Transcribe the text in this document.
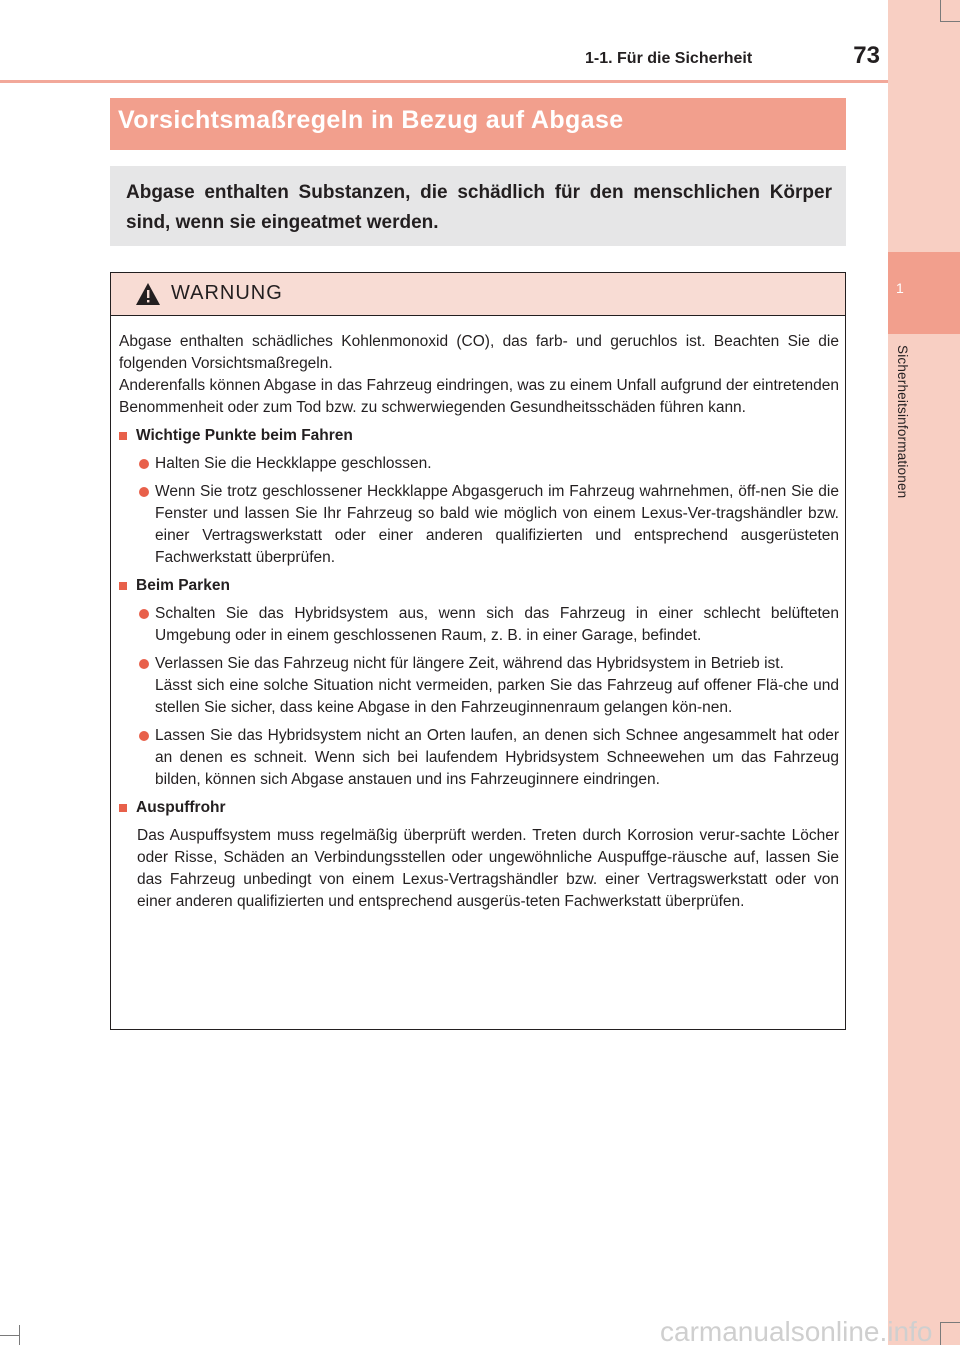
1-1. Für die Sicherheit	73
1
Sicherheitsinformationen
Vorsichtsmaßregeln in Bezug auf Abgase

Abgase enthalten Substanzen, die schädlich für den menschlichen Körper sind, wenn sie eingeatmet werden.

WARNUNG

Abgase enthalten schädliches Kohlenmonoxid (CO), das farb- und geruchlos ist. Beachten Sie die folgenden Vorsichtsmaßregeln.

Anderenfalls können Abgase in das Fahrzeug eindringen, was zu einem Unfall aufgrund der eintretenden Benommenheit oder zum Tod bzw. zu schwerwiegenden Gesundheitsschäden führen kann.

Wichtige Punkte beim Fahren
Halten Sie die Heckklappe geschlossen.
Wenn Sie trotz geschlossener Heckklappe Abgasgeruch im Fahrzeug wahrnehmen, öff-nen Sie die Fenster und lassen Sie Ihr Fahrzeug so bald wie möglich von einem Lexus-Ver-tragshändler bzw. einer Vertragswerkstatt oder einer anderen qualifizierten und entsprechend ausgerüsteten Fachwerkstatt überprüfen.
Beim Parken
Schalten Sie das Hybridsystem aus, wenn sich das Fahrzeug in einer schlecht belüfteten Umgebung oder in einem geschlossenen Raum, z. B. in einer Garage, befindet.
Verlassen Sie das Fahrzeug nicht für längere Zeit, während das Hybridsystem in Betrieb ist.
Lässt sich eine solche Situation nicht vermeiden, parken Sie das Fahrzeug auf offener Flä-che und stellen Sie sicher, dass keine Abgase in den Fahrzeuginnenraum gelangen kön-nen.
Lassen Sie das Hybridsystem nicht an Orten laufen, an denen sich Schnee angesammelt hat oder an denen es schneit. Wenn sich bei laufendem Hybridsystem Schneewehen um das Fahrzeug bilden, können sich Abgase anstauen und ins Fahrzeuginnere eindringen.
Auspuffrohr

Das Auspuffsystem muss regelmäßig überprüft werden. Treten durch Korrosion verur-sachte Löcher oder Risse, Schäden an Verbindungsstellen oder ungewöhnliche Auspuffge-räusche auf, lassen Sie das Fahrzeug unbedingt von einem Lexus-Vertragshändler bzw. einer Vertragswerkstatt oder von einer anderen qualifizierten und entsprechend ausgerüs-teten Fachwerkstatt überprüfen.

carmanualsonline.info
